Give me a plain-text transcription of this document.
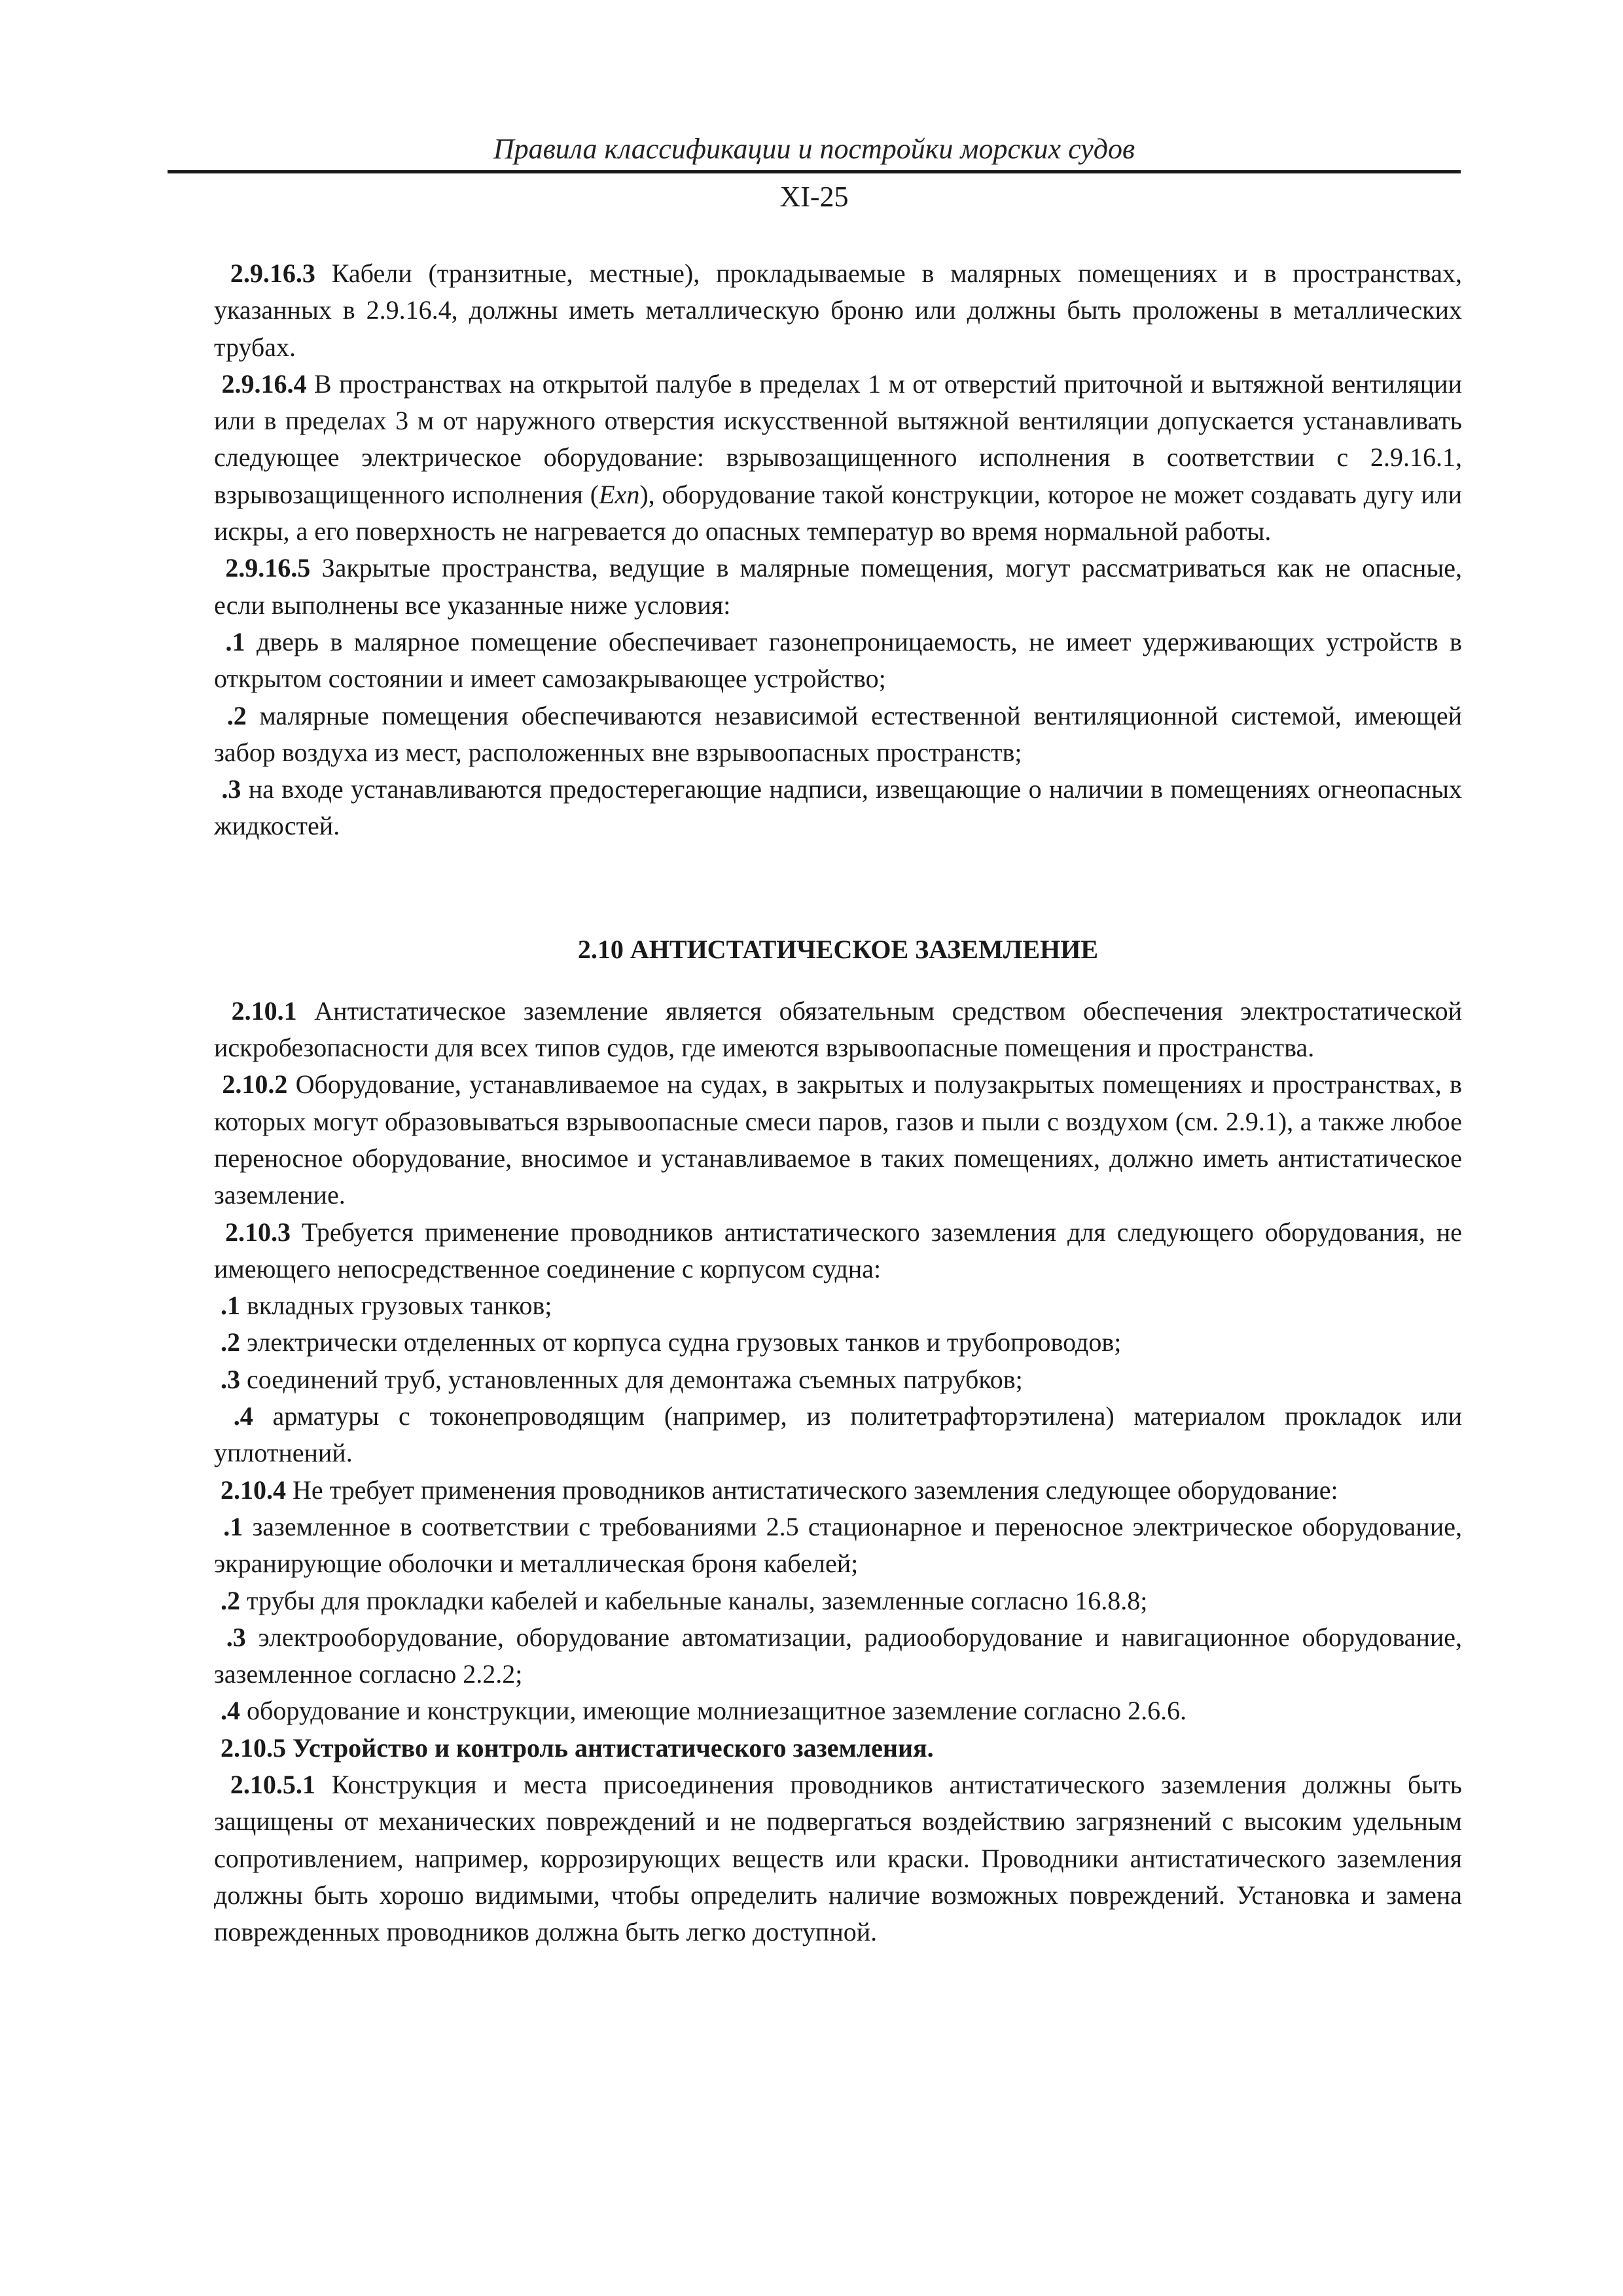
Правила классификации и постройки морских судов
XI-25

2.9.16.3 Кабели (транзитные, местные), прокладываемые в малярных помещениях и в пространствах, указанных в 2.9.16.4, должны иметь металлическую броню или должны быть проложены в металлических трубах.

2.9.16.4 В пространствах на открытой палубе в пределах 1 м от отверстий приточной и вытяжной вентиляции или в пределах 3 м от наружного отверстия искусственной вытяжной вентиляции допускается устанавливать следующее электрическое оборудование: взрывозащищенного исполнения в соответствии с 2.9.16.1, взрывозащищенного исполнения (Exn), оборудование такой конструкции, которое не может создавать дугу или искры, а его поверхность не нагревается до опасных температур во время нормальной работы.

2.9.16.5 Закрытые пространства, ведущие в малярные помещения, могут рассматриваться как не опасные, если выполнены все указанные ниже условия:

.1 дверь в малярное помещение обеспечивает газонепроницаемость, не имеет удерживающих устройств в открытом состоянии и имеет самозакрывающее устройство;

.2 малярные помещения обеспечиваются независимой естественной вентиляционной системой, имеющей забор воздуха из мест, расположенных вне взрывоопасных пространств;

.3 на входе устанавливаются предостерегающие надписи, извещающие о наличии в помещениях огнеопасных жидкостей.

2.10 АНТИСТАТИЧЕСКОЕ ЗАЗЕМЛЕНИЕ

2.10.1 Антистатическое заземление является обязательным средством обеспечения электростатической искробезопасности для всех типов судов, где имеются взрывоопасные помещения и пространства.

2.10.2 Оборудование, устанавливаемое на судах, в закрытых и полузакрытых помещениях и пространствах, в которых могут образовываться взрывоопасные смеси паров, газов и пыли с воздухом (см. 2.9.1), а также любое переносное оборудование, вносимое и устанавливаемое в таких помещениях, должно иметь антистатическое заземление.

2.10.3 Требуется применение проводников антистатического заземления для следующего оборудования, не имеющего непосредственное соединение с корпусом судна:

.1 вкладных грузовых танков;

.2 электрически отделенных от корпуса судна грузовых танков и трубопроводов;

.3 соединений труб, установленных для демонтажа съемных патрубков;

.4 арматуры с токонепроводящим (например, из политетрафторэтилена) материалом прокладок или уплотнений.

2.10.4 Не требует применения проводников антистатического заземления следующее оборудование:

.1 заземленное в соответствии с требованиями 2.5 стационарное и переносное электрическое оборудование, экранирующие оболочки и металлическая броня кабелей;

.2 трубы для прокладки кабелей и кабельные каналы, заземленные согласно 16.8.8;

.3 электрооборудование, оборудование автоматизации, радиооборудование и навигационное оборудование, заземленное согласно 2.2.2;

.4 оборудование и конструкции, имеющие молниезащитное заземление согласно 2.6.6.

2.10.5 Устройство и контроль антистатического заземления.

2.10.5.1 Конструкция и места присоединения проводников антистатического заземления должны быть защищены от механических повреждений и не подвергаться воздействию загрязнений с высоким удельным сопротивлением, например, коррозирующих веществ или краски. Проводники антистатического заземления должны быть хорошо видимыми, чтобы определить наличие возможных повреждений. Установка и замена поврежденных проводников должна быть легко доступной.
